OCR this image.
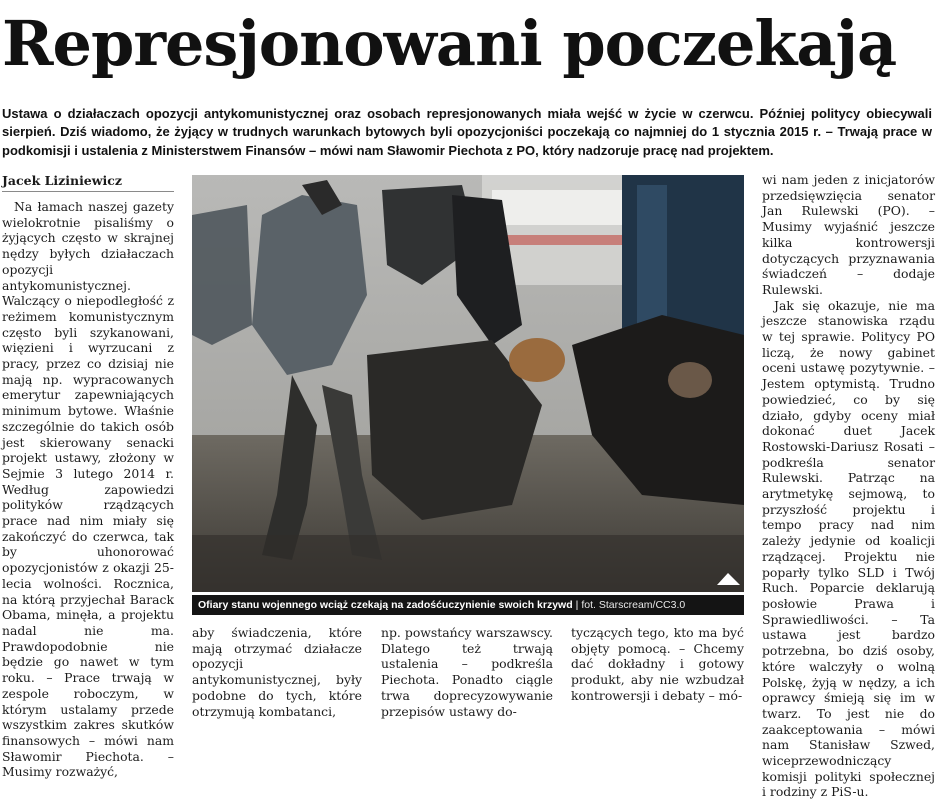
Represjonowani poczekają

Ustawa o działaczach opozycji antykomunistycznej oraz osobach represjonowanych miała wejść w życie w czerwcu. Później politycy obiecywali sierpień. Dziś wiadomo, że żyjący w trudnych warunkach bytowych byli opozycjoniści poczekają co najmniej do 1 stycznia 2015 r. – Trwają prace w podkomisji i ustalenia z Ministerstwem Finansów – mówi nam Sławomir Piechota z PO, który nadzoruje pracę nad projektem.

Jacek Liziniewicz

Na łamach naszej gazety wielokrotnie pisaliśmy o żyjących często w skrajnej nędzy byłych działaczach opozycji antykomunistycznej. Walczący o niepodległość z reżimem komunistycznym często byli szykanowani, więzieni i wyrzucani z pracy, przez co dzisiaj nie mają np. wypracowanych emerytur zapewniających minimum bytowe. Właśnie szczególnie do takich osób jest skierowany senacki projekt ustawy, złożony w Sejmie 3 lutego 2014 r. Według zapowiedzi polityków rządzących prace nad nim miały się zakończyć do czerwca, tak by uhonorować opozycjonistów z okazji 25-lecia wolności. Rocznica, na którą przyjechał Barack Obama, minęła, a projektu nadal nie ma. Prawdopodobnie nie będzie go nawet w tym roku. – Prace trwają w zespole roboczym, w którym ustalamy przede wszystkim zakres skutków finansowych – mówi nam Sławomir Piechota. – Musimy rozważyć,

Ofiary stanu wojennego wciąż czekają na zadośćuczynienie swoich krzywd | fot. Starscream/CC3.0

aby świadczenia, które mają otrzymać działacze opozycji antykomunistycznej, były podobne do tych, które otrzymują kombatanci,

np. powstańcy warszawscy. Dlatego też trwają ustalenia – podkreśla Piechota. Ponadto ciągle trwa doprecyzowywanie przepisów ustawy do-

tyczących tego, kto ma być objęty pomocą. – Chcemy dać dokładny i gotowy produkt, aby nie wzbudzał kontrowersji i debaty – mó-

wi nam jeden z inicjatorów przedsięwzięcia senator Jan Rulewski (PO). – Musimy wyjaśnić jeszcze kilka kontrowersji dotyczących przyznawania świadczeń – dodaje Rulewski.

Jak się okazuje, nie ma jeszcze stanowiska rządu w tej sprawie. Politycy PO liczą, że nowy gabinet oceni ustawę pozytywnie. – Jestem optymistą. Trudno powiedzieć, co by się działo, gdyby oceny miał dokonać duet Jacek Rostowski-Dariusz Rosati – podkreśla senator Rulewski. Patrząc na arytmetykę sejmową, to przyszłość projektu i tempo pracy nad nim zależy jedynie od koalicji rządzącej. Projektu nie poparły tylko SLD i Twój Ruch. Poparcie deklarują posłowie Prawa i Sprawiedliwości. – Ta ustawa jest bardzo potrzebna, bo dziś osoby, które walczyły o wolną Polskę, żyją w nędzy, a ich oprawcy śmieją się im w twarz. To jest nie do zaakceptowania – mówi nam Stanisław Szwed, wiceprzewodniczący komisji polityki społecznej i rodziny z PiS-u.
